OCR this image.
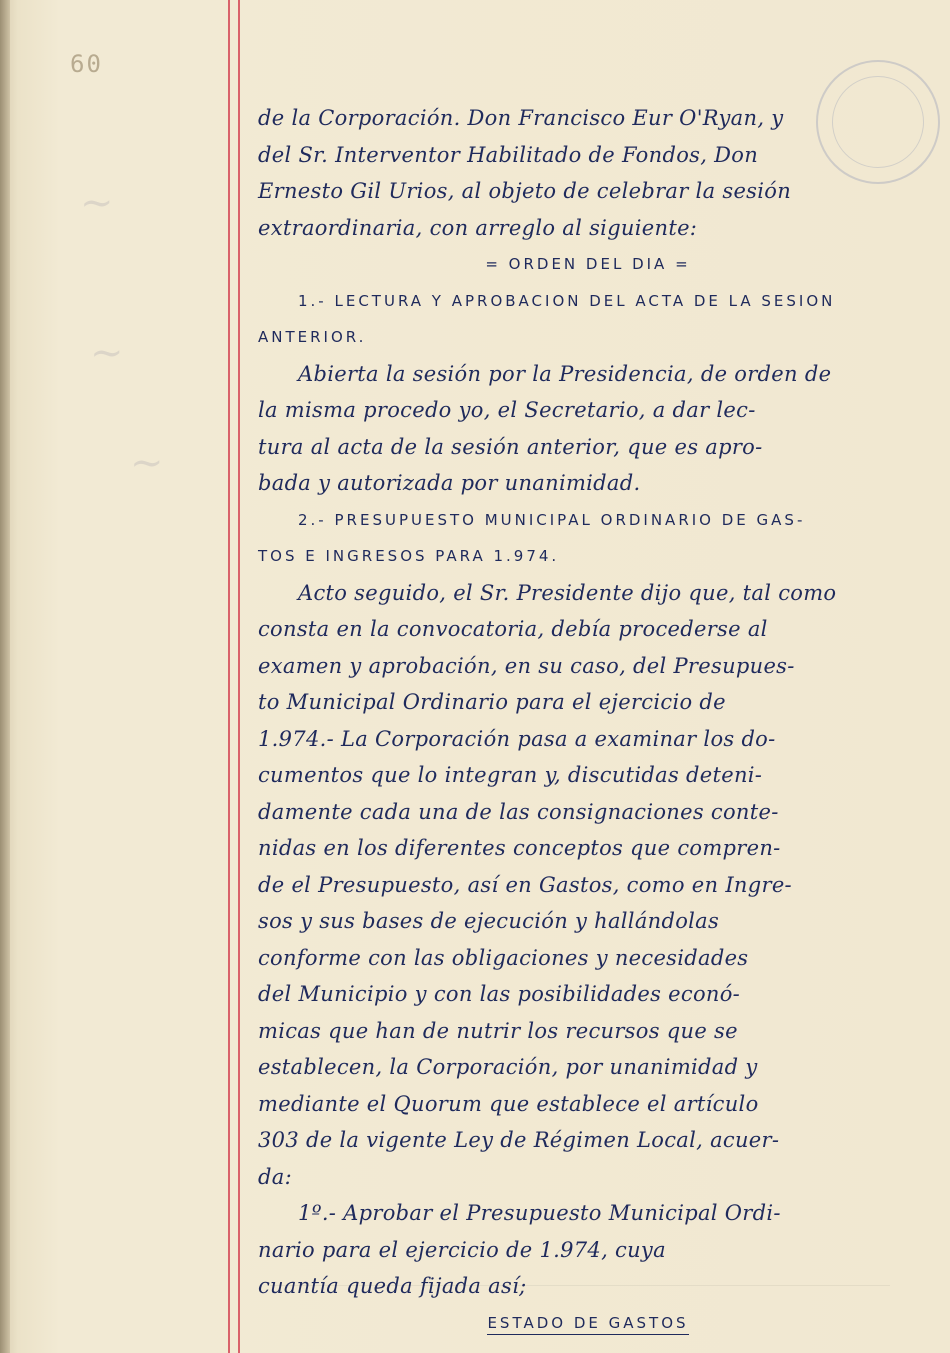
60
~
~
~
de la Corporación. Don Francisco Eur O'Ryan, y
del Sr. Interventor Habilitado de Fondos, Don
Ernesto Gil Urios, al objeto de celebrar la sesión
extraordinaria, con arreglo al siguiente:
= ORDEN DEL DIA =
1.- LECTURA Y APROBACION DEL ACTA DE LA SESION
ANTERIOR.
Abierta la sesión por la Presidencia, de orden de
la misma procedo yo, el Secretario, a dar lec-
tura al acta de la sesión anterior, que es apro-
bada y autorizada por unanimidad.
2.- PRESUPUESTO MUNICIPAL ORDINARIO DE GAS-
TOS E INGRESOS PARA 1.974.
Acto seguido, el Sr. Presidente dijo que, tal como
consta en la convocatoria, debía procederse al
examen y aprobación, en su caso, del Presupues-
to Municipal Ordinario para el ejercicio de
1.974.- La Corporación pasa a examinar los do-
cumentos que lo integran y, discutidas deteni-
damente cada una de las consignaciones conte-
nidas en los diferentes conceptos que compren-
de el Presupuesto, así en Gastos, como en Ingre-
sos y sus bases de ejecución y hallándolas
conforme con las obligaciones y necesidades
del Municipio y con las posibilidades econó-
micas que han de nutrir los recursos que se
establecen, la Corporación, por unanimidad y
mediante el Quorum que establece el artículo
303 de la vigente Ley de Régimen Local, acuer-
da:
1º.- Aprobar el Presupuesto Municipal Ordi-
nario para el ejercicio de 1.974, cuya
cuantía queda fijada así;
ESTADO DE GASTOS
